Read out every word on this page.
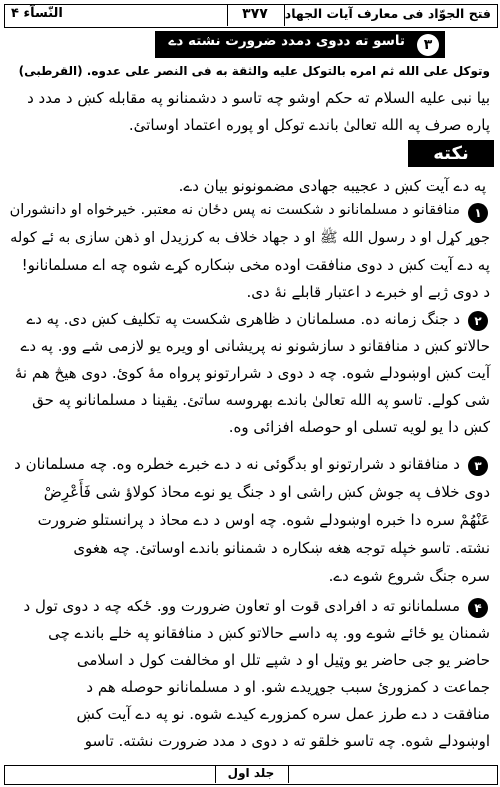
فتح الجوّاد فی معارف آیات الجهاد
۳۷۷
النّسآء ۴
تاسو ته ددوی دمدد ضرورت نشته دے	۳
وتوكل على الله ثم امره بالتوكل عليه والثقة به فى النصر على عدوه. (القرطبى)
بیا نبی علیه السلام ته حکم اوشو چه تاسو د دشمنانو په مقابله کښ د مدد د
پاره صرف په الله تعالیٰ باندے توکل او پوره اعتماد اوساتئ.
نکته
په دے آیت کښ د عجیبه جهادی مضمونونو بیان دے.
۱
منافقانو د مسلمانانو د شکست نه پس دځان نه معتبر. خیرخواه او دانشوران
جوړ کړل او د رسول الله ﷺ او د جهاد خلاف به کرزیدل او ذهن سازی به ئے کوله
په دے آیت کښ د دوی منافقت اوده مخی ښکاره کړے شوه چه اے مسلمانانو!
د دوی ژبے او خبرے د اعتبار قابلے نهٔ دی.
۲
د جنگ زمانه ده. مسلمانان د ظاهری شکست په تکلیف کښ دی. په دے
حالاتو کښ د منافقانو د سازشونو نه پریشانی او ویره یو لازمی شے وو. په دے
آیت کښ اوښودلے شوه. چه د دوی د شرارتونو پرواه مهٔ کوئ. دوی هیڅ هم نهٔ
شی کولے. تاسو په الله تعالیٰ باندے بهروسه ساتئ. یقینا د مسلمانانو په حق
کښ دا یو لویه تسلی او حوصله افزائی وه.
۳
د منافقانو د شرارتونو او بدگوئی نه د دے خبرے خطره وه. چه مسلمانان د
دوی خلاف په جوش کښ راشی او د جنگ یو نوے محاذ کولاؤ شی فَأَعْرِضْ
عَنْهُمْ سره دا خبره اوښودلے شوه. چه اوس د دے محاذ د پرانستلو ضرورت
نشته. تاسو خپله توجه هغه ښکاره د شمنانو باندے اوساتئ. چه هغوی
سره جنگ شروع شوے دے.
۴
مسلمانانو ته د افرادی قوت او تعاون ضرورت وو. ځکه چه د دوی تول د
شمنان یو ځائے شوے وو. په داسے حالاتو کښ د منافقانو په خلے باندے چی
حاضر یو جی حاضر یو وټیل او د شپے تلل او مخالفت کول د اسلامی
جماعت د کمزورئ سبب جوړیدے شو. او د مسلمانانو حوصله هم د
منافقت د دے طرز عمل سره کمزورے کیدے شوه. نو په دے آیت کښ
اوښودلے شوه. چه تاسو خلقو ته د دوی د مدد ضرورت نشته. تاسو
جلد اول
